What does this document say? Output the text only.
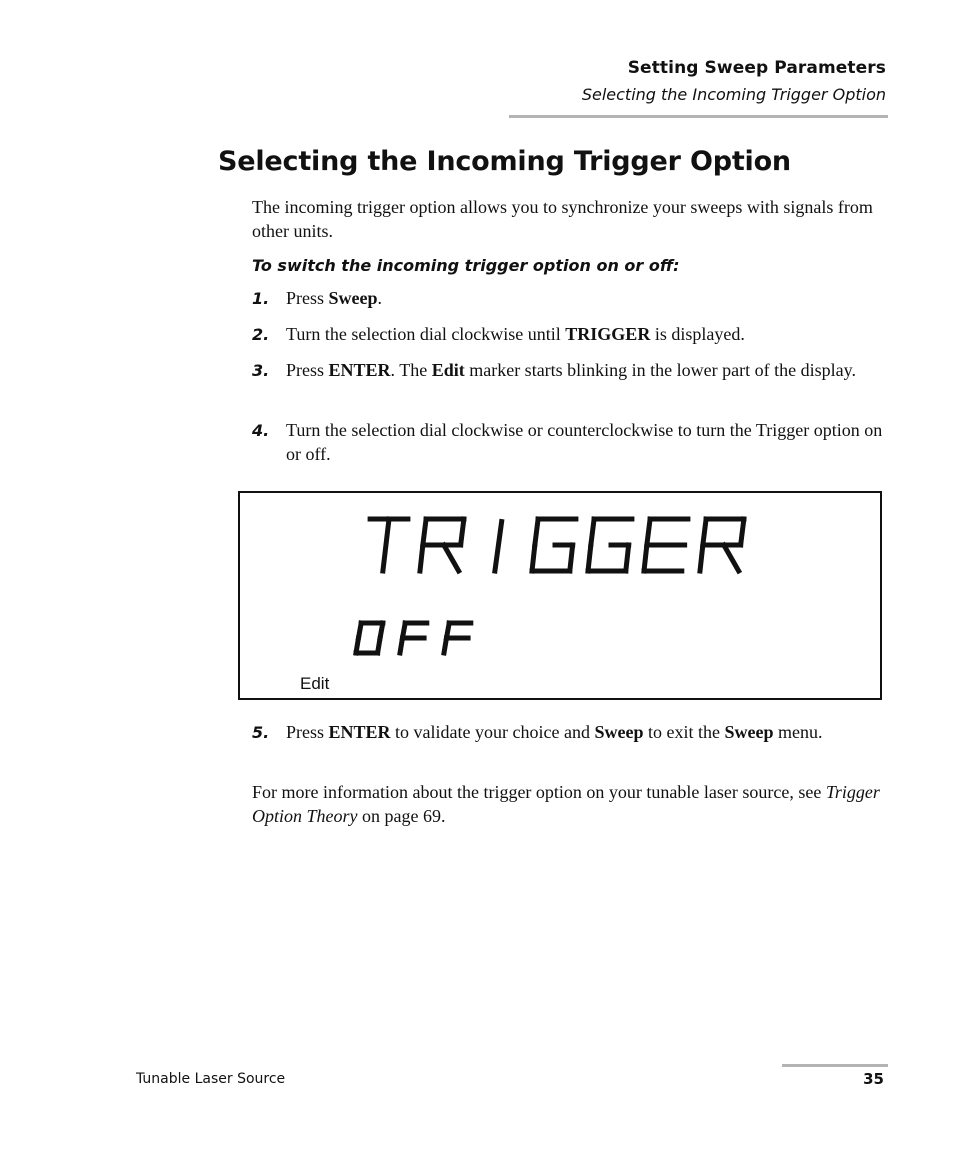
Setting Sweep Parameters
Selecting the Incoming Trigger Option
Selecting the Incoming Trigger Option

The incoming trigger option allows you to synchronize your sweeps with signals from other units.

To switch the incoming trigger option on or off:

1. Press Sweep.
2. Turn the selection dial clockwise until TRIGGER is displayed.
3. Press ENTER. The Edit marker starts blinking in the lower part of the display.
4. Turn the selection dial clockwise or counterclockwise to turn the Trigger option on or off.
Edit
5. Press ENTER to validate your choice and Sweep to exit the Sweep menu.

For more information about the trigger option on your tunable laser source, see Trigger Option Theory on page 69.

Tunable Laser Source	35
